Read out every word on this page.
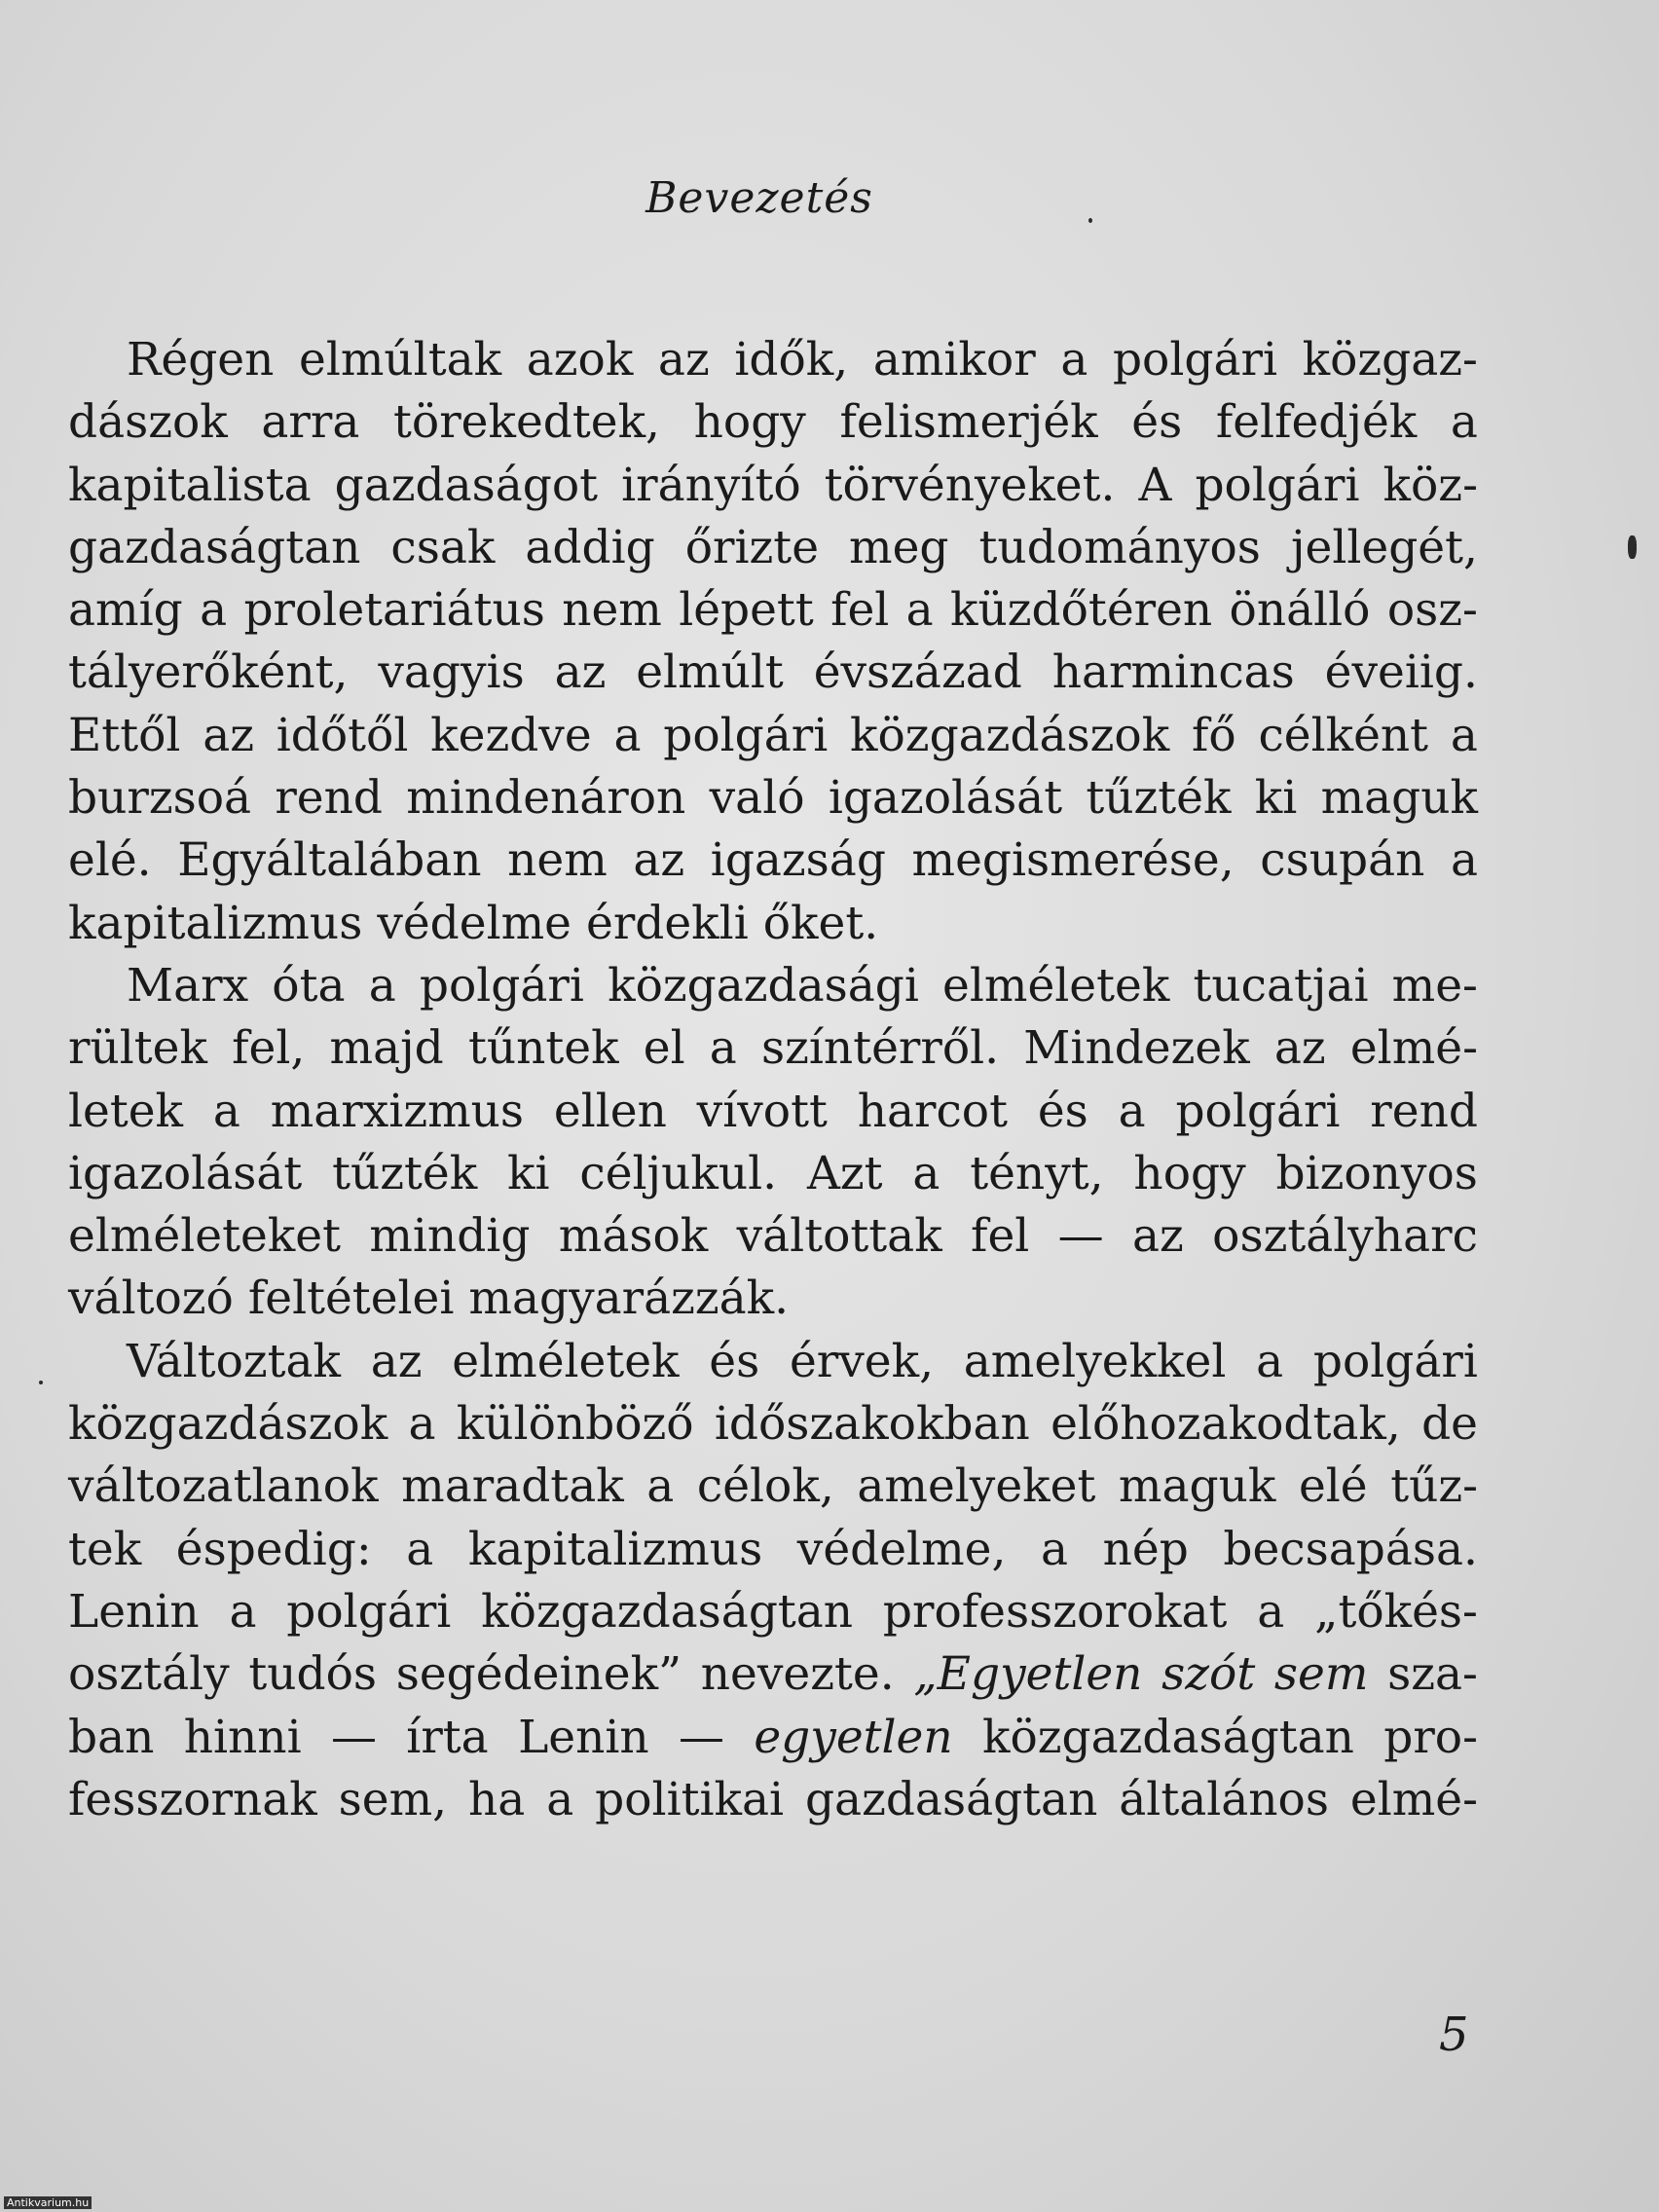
Bevezetés
Régen elmúltak azok az idők, amikor a polgári közgaz-
dászok arra törekedtek, hogy felismerjék és felfedjék a
kapitalista gazdaságot irányító törvényeket. A polgári köz-
gazdaságtan csak addig őrizte meg tudományos jellegét,
amíg a proletariátus nem lépett fel a küzdőtéren önálló osz-
tályerőként, vagyis az elmúlt évszázad harmincas éveiig.
Ettől az időtől kezdve a polgári közgazdászok fő célként a
burzsoá rend mindenáron való igazolását tűzték ki maguk
elé. Egyáltalában nem az igazság megismerése, csupán a
kapitalizmus védelme érdekli őket.
Marx óta a polgári közgazdasági elméletek tucatjai me-
rültek fel, majd tűntek el a színtérről. Mindezek az elmé-
letek a marxizmus ellen vívott harcot és a polgári rend
igazolását tűzték ki céljukul. Azt a tényt, hogy bizonyos
elméleteket mindig mások váltottak fel — az osztályharc
változó feltételei magyarázzák.
Változtak az elméletek és érvek, amelyekkel a polgári
közgazdászok a különböző időszakokban előhozakodtak, de
változatlanok maradtak a célok, amelyeket maguk elé tűz-
tek éspedig: a kapitalizmus védelme, a nép becsapása.
Lenin a polgári közgazdaságtan professzorokat a „tőkés-
osztály tudós segédeinek” nevezte. „Egyetlen szót sem sza-
ban hinni — írta Lenin — egyetlen közgazdaságtan pro-
fesszornak sem, ha a politikai gazdaságtan általános elmé-
5
Antikvarium.hu
